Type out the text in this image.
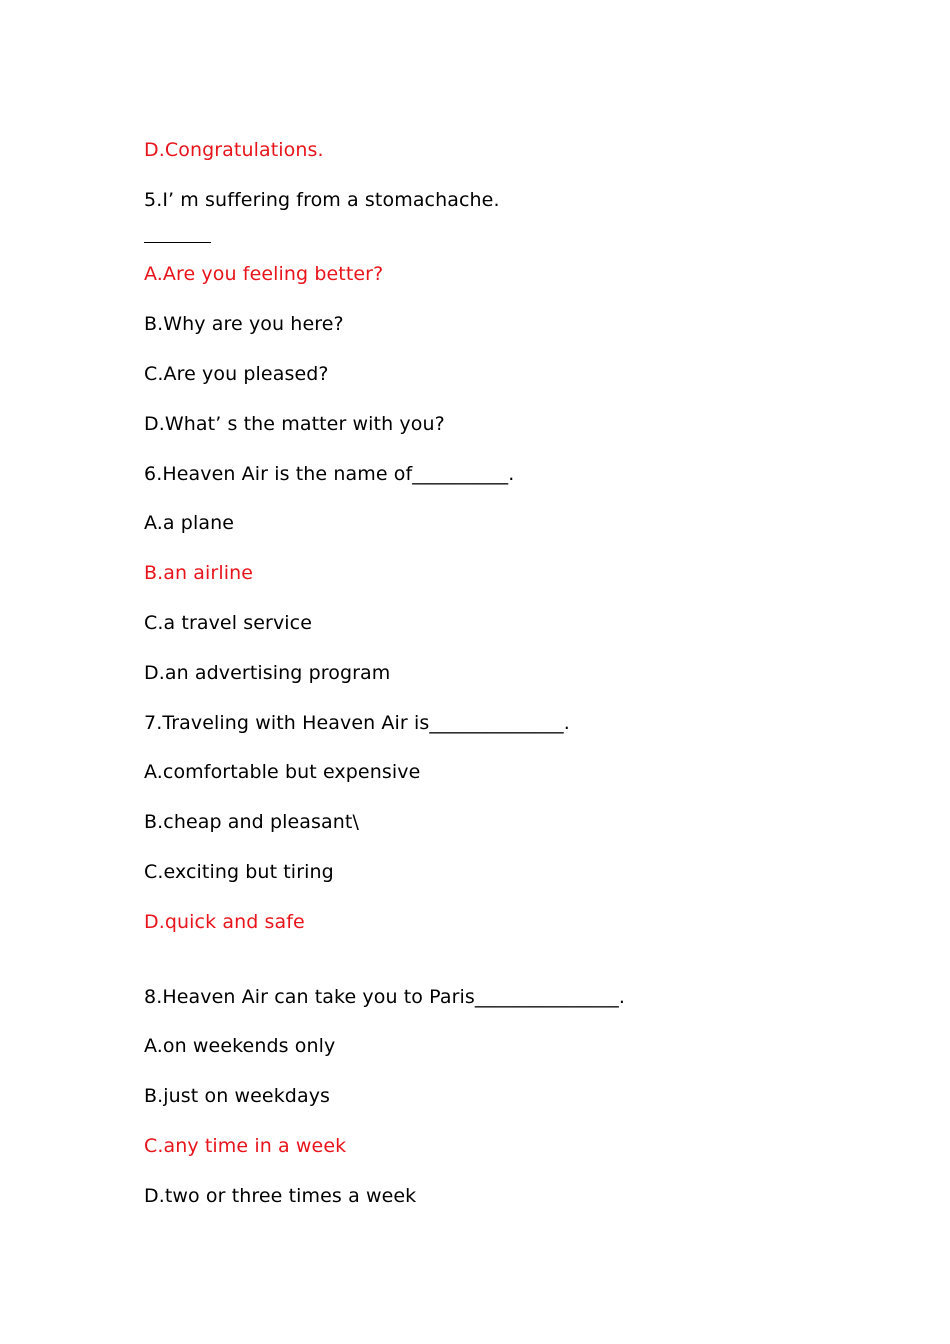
D.Congratulations.
5.I’ m suffering from a stomachache.
A.Are you feeling better?
B.Why are you here?
C.Are you pleased?
D.What’ s the matter with you?
6.Heaven Air is the name of__________.
A.a plane
B.an airline
C.a travel service
D.an advertising program
7.Traveling with Heaven Air is______________.
A.comfortable but expensive
B.cheap and pleasant\
C.exciting but tiring
D.quick and safe
8.Heaven Air can take you to Paris_______________.
A.on weekends only
B.just on weekdays
C.any time in a week
D.two or three times a week
